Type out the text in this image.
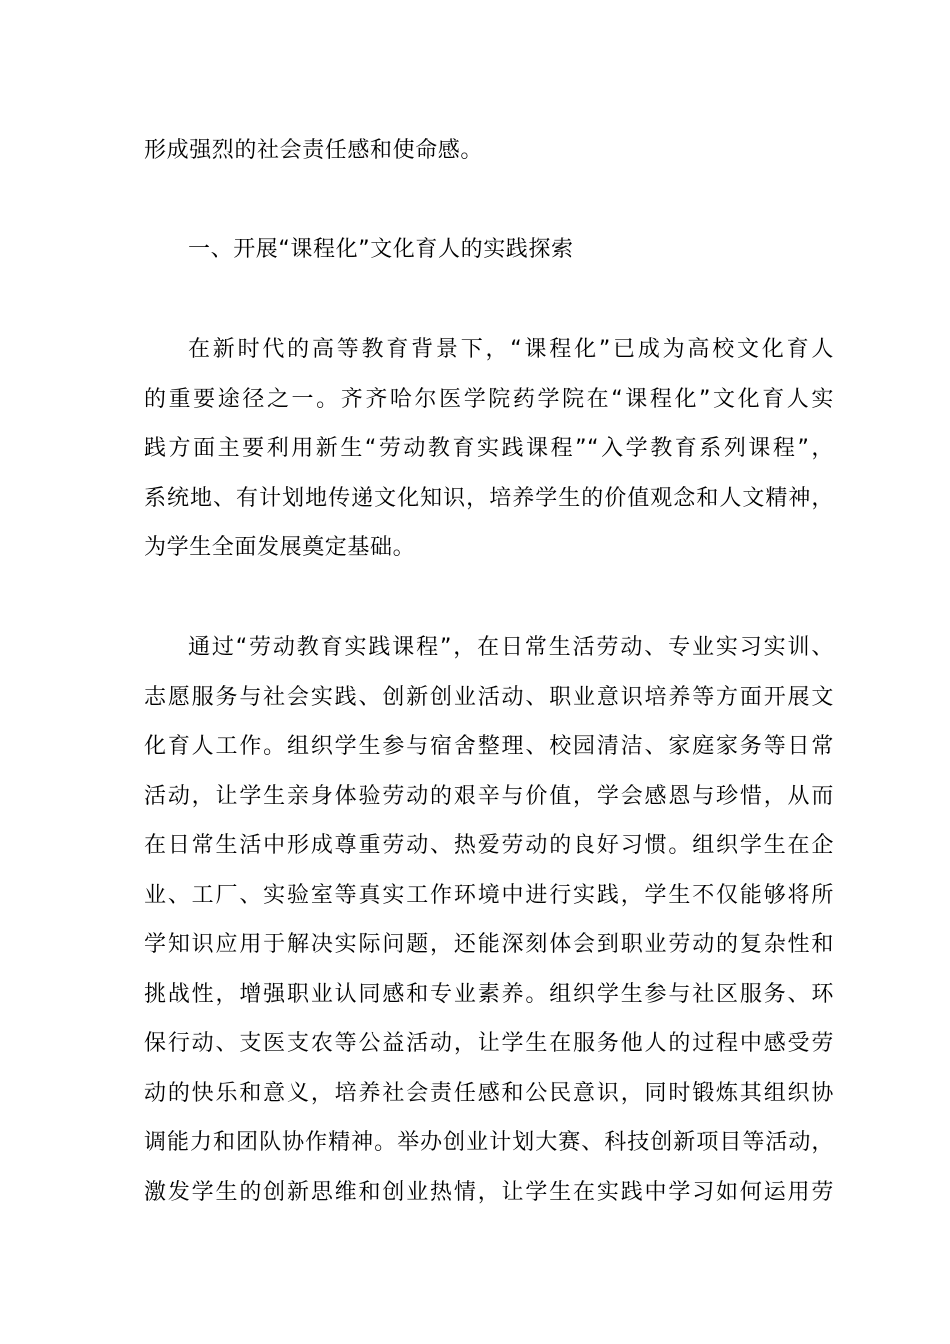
形成强烈的社会责任感和使命感。
一、开展“课程化”文化育人的实践探索
在新时代的高等教育背景下，“课程化”已成为高校文化育人
的重要途径之一。齐齐哈尔医学院药学院在“课程化”文化育人实
践方面主要利用新生“劳动教育实践课程”“入学教育系列课程”，
系统地、有计划地传递文化知识，培养学生的价值观念和人文精神，
为学生全面发展奠定基础。
通过“劳动教育实践课程”，在日常生活劳动、专业实习实训、
志愿服务与社会实践、创新创业活动、职业意识培养等方面开展文
化育人工作。组织学生参与宿舍整理、校园清洁、家庭家务等日常
活动，让学生亲身体验劳动的艰辛与价值，学会感恩与珍惜，从而
在日常生活中形成尊重劳动、热爱劳动的良好习惯。组织学生在企
业、工厂、实验室等真实工作环境中进行实践，学生不仅能够将所
学知识应用于解决实际问题，还能深刻体会到职业劳动的复杂性和
挑战性，增强职业认同感和专业素养。组织学生参与社区服务、环
保行动、支医支农等公益活动，让学生在服务他人的过程中感受劳
动的快乐和意义，培养社会责任感和公民意识，同时锻炼其组织协
调能力和团队协作精神。举办创业计划大赛、科技创新项目等活动，
激发学生的创新思维和创业热情，让学生在实践中学习如何运用劳
